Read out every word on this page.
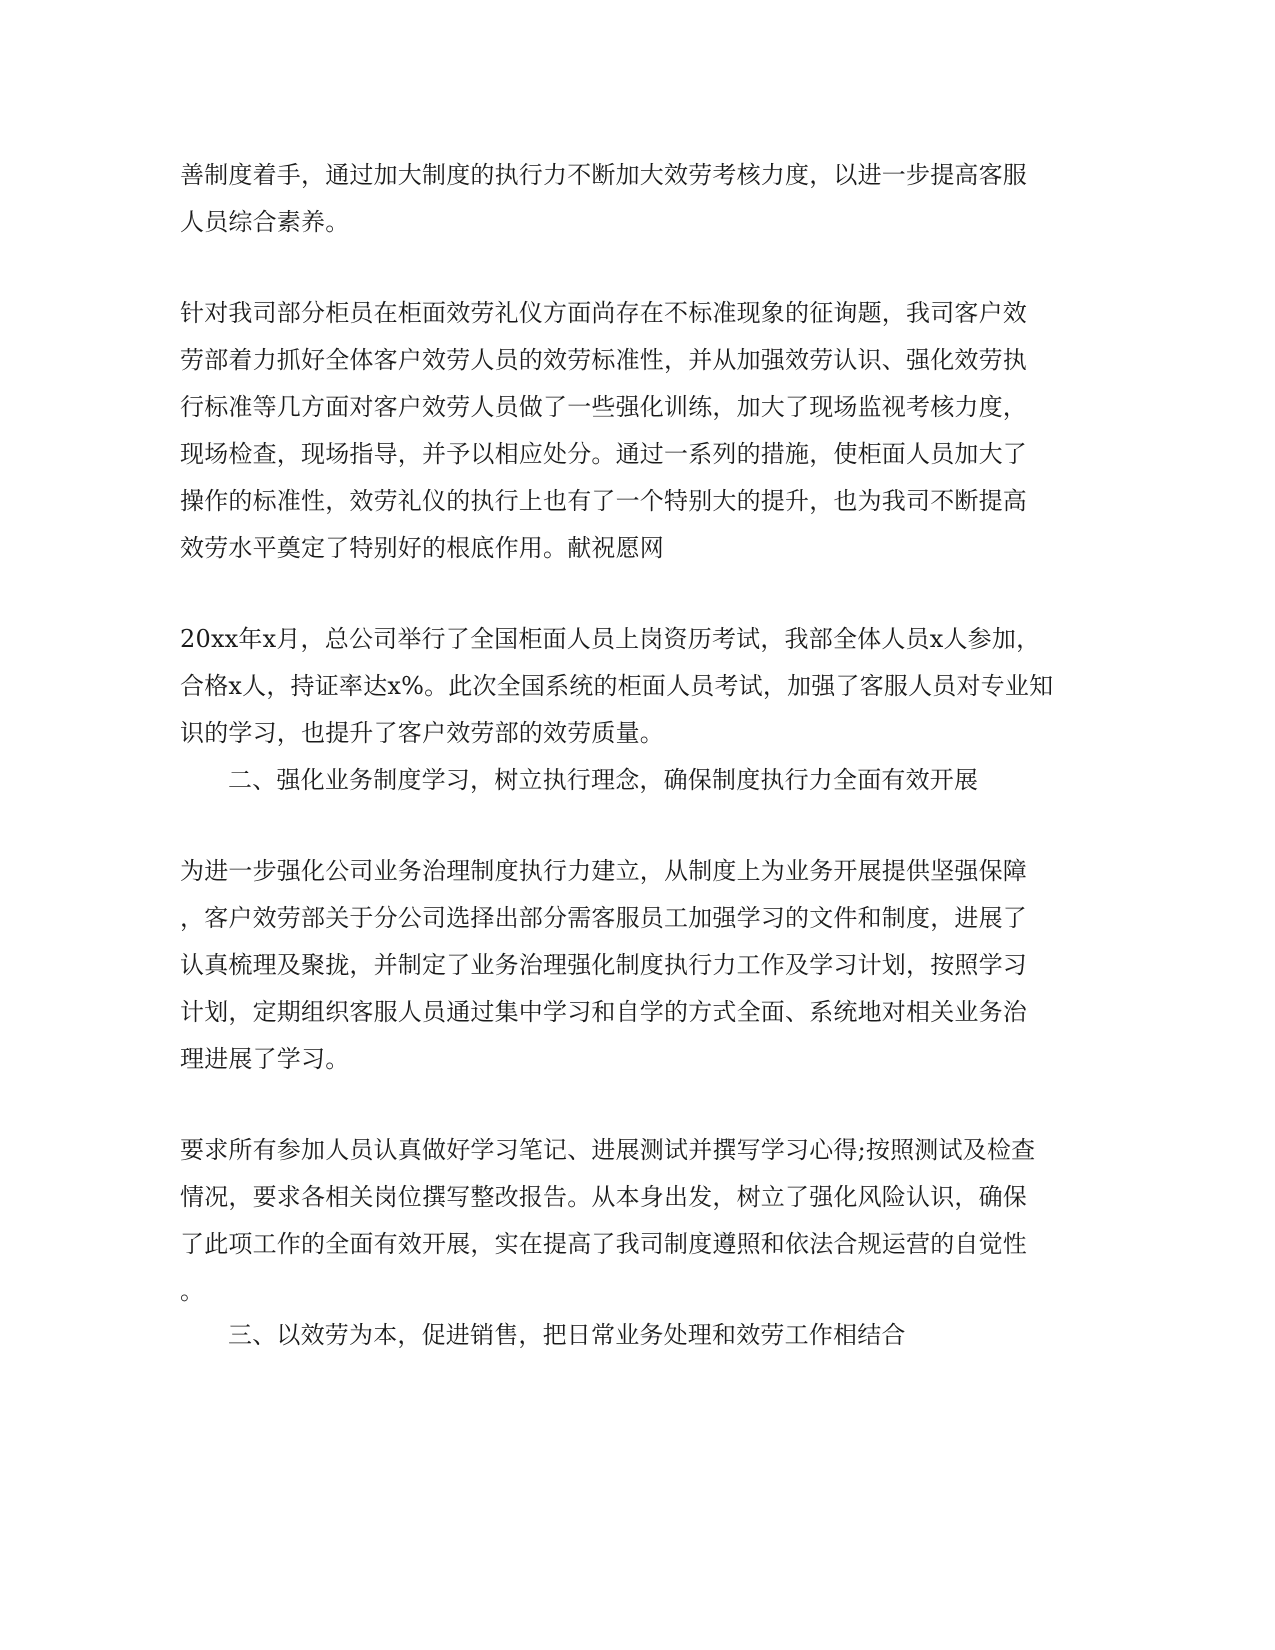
善制度着手，通过加大制度的执行力不断加大效劳考核力度，以进一步提高客服
人员综合素养。
针对我司部分柜员在柜面效劳礼仪方面尚存在不标准现象的征询题，我司客户效
劳部着力抓好全体客户效劳人员的效劳标准性，并从加强效劳认识、强化效劳执
行标准等几方面对客户效劳人员做了一些强化训练，加大了现场监视考核力度，
现场检查，现场指导，并予以相应处分。通过一系列的措施，使柜面人员加大了
操作的标准性，效劳礼仪的执行上也有了一个特别大的提升，也为我司不断提高
效劳水平奠定了特别好的根底作用。献祝愿网
20xx年x月，总公司举行了全国柜面人员上岗资历考试，我部全体人员x人参加，
合格x人，持证率达x%。此次全国系统的柜面人员考试，加强了客服人员对专业知
识的学习，也提升了客户效劳部的效劳质量。
二、强化业务制度学习，树立执行理念，确保制度执行力全面有效开展
为进一步强化公司业务治理制度执行力建立，从制度上为业务开展提供坚强保障
，客户效劳部关于分公司选择出部分需客服员工加强学习的文件和制度，进展了
认真梳理及聚拢，并制定了业务治理强化制度执行力工作及学习计划，按照学习
计划，定期组织客服人员通过集中学习和自学的方式全面、系统地对相关业务治
理进展了学习。
要求所有参加人员认真做好学习笔记、进展测试并撰写学习心得;按照测试及检查
情况，要求各相关岗位撰写整改报告。从本身出发，树立了强化风险认识，确保
了此项工作的全面有效开展，实在提高了我司制度遵照和依法合规运营的自觉性
。
三、以效劳为本，促进销售，把日常业务处理和效劳工作相结合
